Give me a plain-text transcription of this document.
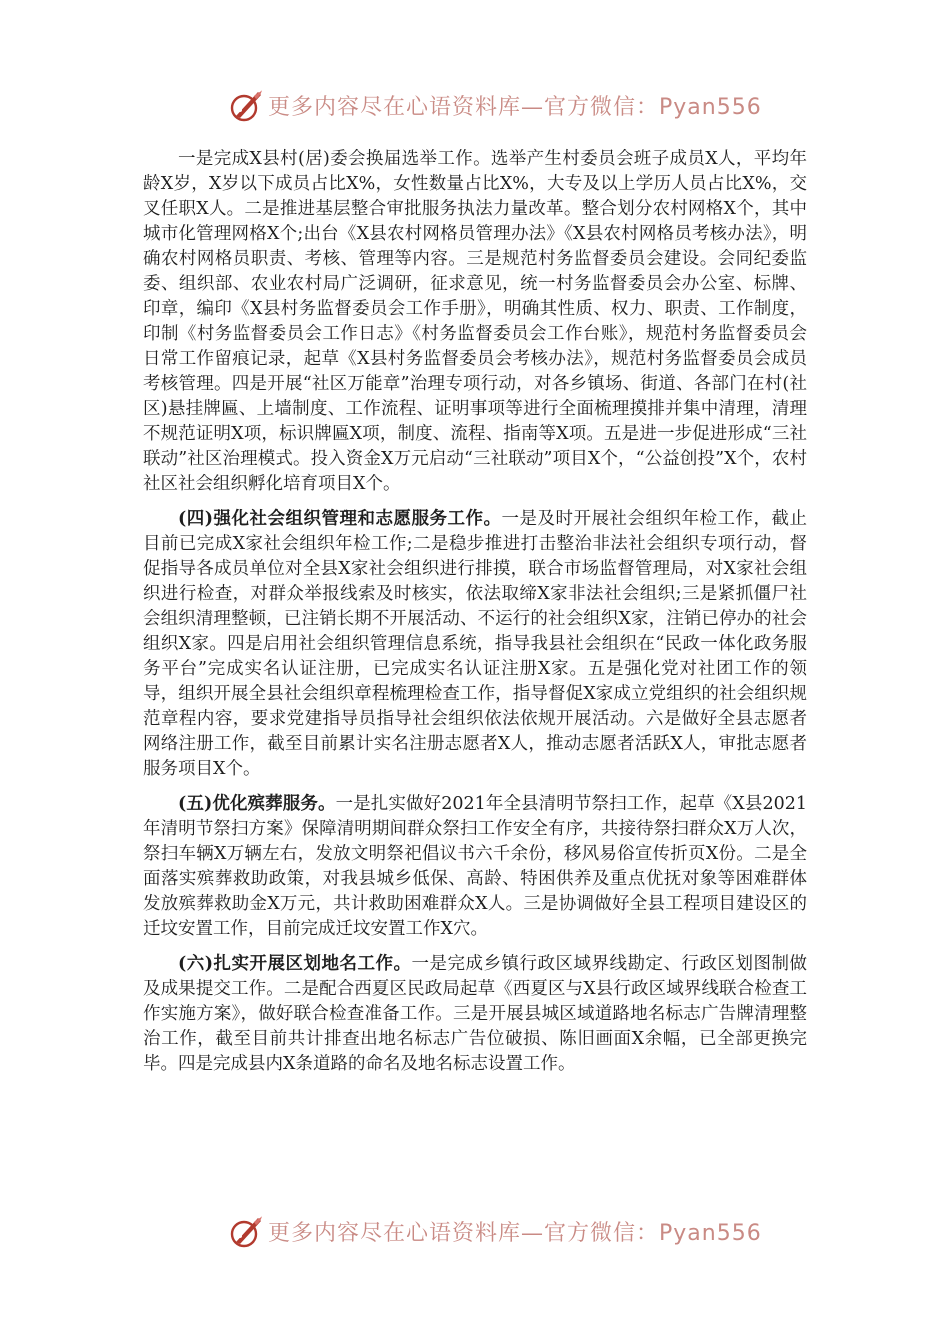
更多内容尽在心语资料库—官方微信：Pyan556

一是完成X县村(居)委会换届选举工作。选举产生村委员会班子成员X人，平均年龄X岁，X岁以下成员占比X%，女性数量占比X%，大专及以上学历人员占比X%，交叉任职X人。二是推进基层整合审批服务执法力量改革。整合划分农村网格X个，其中城市化管理网格X个;出台《X县农村网格员管理办法》《X县农村网格员考核办法》，明确农村网格员职责、考核、管理等内容。三是规范村务监督委员会建设。会同纪委监委、组织部、农业农村局广泛调研，征求意见，统一村务监督委员会办公室、标牌、印章，编印《X县村务监督委员会工作手册》，明确其性质、权力、职责、工作制度，印制《村务监督委员会工作日志》《村务监督委员会工作台账》，规范村务监督委员会日常工作留痕记录，起草《X县村务监督委员会考核办法》，规范村务监督委员会成员考核管理。四是开展“社区万能章”治理专项行动，对各乡镇场、街道、各部门在村(社区)悬挂牌匾、上墙制度、工作流程、证明事项等进行全面梳理摸排并集中清理，清理不规范证明X项，标识牌匾X项，制度、流程、指南等X项。五是进一步促进形成“三社联动”社区治理模式。投入资金X万元启动“三社联动”项目X个，“公益创投”X个，农村社区社会组织孵化培育项目X个。

(四)强化社会组织管理和志愿服务工作。一是及时开展社会组织年检工作，截止目前已完成X家社会组织年检工作;二是稳步推进打击整治非法社会组织专项行动，督促指导各成员单位对全县X家社会组织进行排摸，联合市场监督管理局，对X家社会组织进行检查，对群众举报线索及时核实，依法取缔X家非法社会组织;三是紧抓僵尸社会组织清理整顿，已注销长期不开展活动、不运行的社会组织X家，注销已停办的社会组织X家。四是启用社会组织管理信息系统，指导我县社会组织在“民政一体化政务服务平台”完成实名认证注册，已完成实名认证注册X家。五是强化党对社团工作的领导，组织开展全县社会组织章程梳理检查工作，指导督促X家成立党组织的社会组织规范章程内容，要求党建指导员指导社会组织依法依规开展活动。六是做好全县志愿者网络注册工作，截至目前累计实名注册志愿者X人，推动志愿者活跃X人，审批志愿者服务项目X个。

(五)优化殡葬服务。一是扎实做好2021年全县清明节祭扫工作，起草《X县2021年清明节祭扫方案》保障清明期间群众祭扫工作安全有序，共接待祭扫群众X万人次，祭扫车辆X万辆左右，发放文明祭祀倡议书六千余份，移风易俗宣传折页X份。二是全面落实殡葬救助政策，对我县城乡低保、高龄、特困供养及重点优抚对象等困难群体发放殡葬救助金X万元，共计救助困难群众X人。三是协调做好全县工程项目建设区的迁坟安置工作，目前完成迁坟安置工作X穴。

(六)扎实开展区划地名工作。一是完成乡镇行政区域界线勘定、行政区划图制做及成果提交工作。二是配合西夏区民政局起草《西夏区与X县行政区域界线联合检查工作实施方案》，做好联合检查准备工作。三是开展县城区域道路地名标志广告牌清理整治工作，截至目前共计排查出地名标志广告位破损、陈旧画面X余幅，已全部更换完毕。四是完成县内X条道路的命名及地名标志设置工作。

更多内容尽在心语资料库—官方微信：Pyan556
